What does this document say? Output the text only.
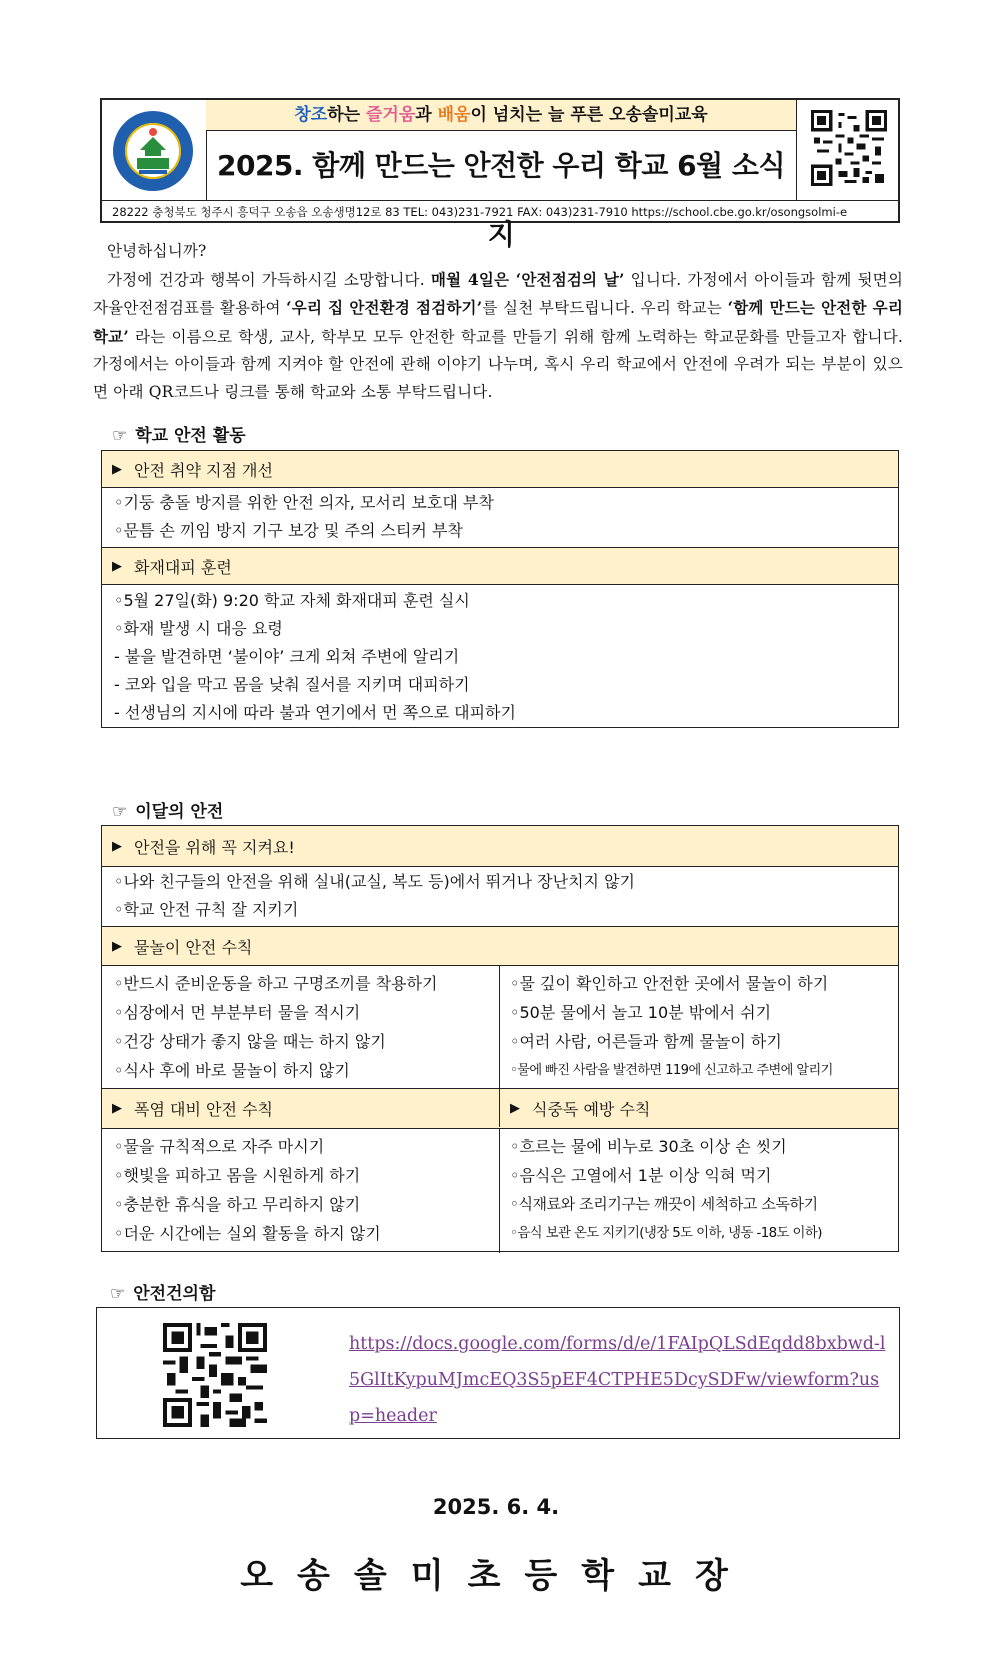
창조하는 즐거움과 배움이 넘치는 늘 푸른 오송솔미교육
2025. 함께 만드는 안전한 우리 학교 6월 소식지
28222 충청북도 청주시 흥덕구 오송읍 오송생명12로 83 TEL: 043)231-7921 FAX: 043)231-7910 https://school.cbe.go.kr/osongsolmi-e

안녕하십니까?

가정에 건강과 행복이 가득하시길 소망합니다. 매월 4일은 ‘안전점검의 날’ 입니다. 가정에서 아이들과 함께 뒷면의 자율안전점검표를 활용하여 ‘우리 집 안전환경 점검하기’를 실천 부탁드립니다. 우리 학교는 ‘함께 만드는 안전한 우리 학교’ 라는 이름으로 학생, 교사, 학부모 모두 안전한 학교를 만들기 위해 함께 노력하는 학교문화를 만들고자 합니다. 가정에서는 아이들과 함께 지켜야 할 안전에 관해 이야기 나누며, 혹시 우리 학교에서 안전에 우려가 되는 부분이 있으면 아래 QR코드나 링크를 통해 학교와 소통 부탁드립니다.

☞ 학교 안전 활동
▶ 안전 취약 지점 개선
◦기둥 충돌 방지를 위한 안전 의자, 모서리 보호대 부착
◦문틈 손 끼임 방지 기구 보강 및 주의 스티커 부착
▶ 화재대피 훈련
◦5월 27일(화) 9:20 학교 자체 화재대피 훈련 실시
◦화재 발생 시 대응 요령
- 불을 발견하면 ‘불이야’ 크게 외쳐 주변에 알리기
- 코와 입을 막고 몸을 낮춰 질서를 지키며 대피하기
- 선생님의 지시에 따라 불과 연기에서 먼 쪽으로 대피하기
☞ 이달의 안전
▶ 안전을 위해 꼭 지켜요!
◦나와 친구들의 안전을 위해 실내(교실, 복도 등)에서 뛰거나 장난치지 않기
◦학교 안전 규칙 잘 지키기
▶ 물놀이 안전 수칙
◦반드시 준비운동을 하고 구명조끼를 착용하기
◦심장에서 먼 부분부터 물을 적시기
◦건강 상태가 좋지 않을 때는 하지 않기
◦식사 후에 바로 물놀이 하지 않기
◦물 깊이 확인하고 안전한 곳에서 물놀이 하기
◦50분 물에서 놀고 10분 밖에서 쉬기
◦여러 사람, 어른들과 함께 물놀이 하기
◦물에 빠진 사람을 발견하면 119에 신고하고 주변에 알리기
▶ 폭염 대비 안전 수칙	▶ 식중독 예방 수칙
◦물을 규칙적으로 자주 마시기
◦햇빛을 피하고 몸을 시원하게 하기
◦충분한 휴식을 하고 무리하지 않기
◦더운 시간에는 실외 활동을 하지 않기
◦흐르는 물에 비누로 30초 이상 손 씻기
◦음식은 고열에서 1분 이상 익혀 먹기
◦식재료와 조리기구는 깨끗이 세척하고 소독하기
◦음식 보관 온도 지키기(냉장 5도 이하, 냉동 -18도 이하)
☞ 안전건의함
https://docs.google.com/forms/d/e/1FAIpQLSdEqdd8bxbwd-l5GlItKypuMJmcEQ3S5pEF4CTPHE5DcySDFw/viewform?usp=header
2025. 6. 4.
오송솔미초등학교장
